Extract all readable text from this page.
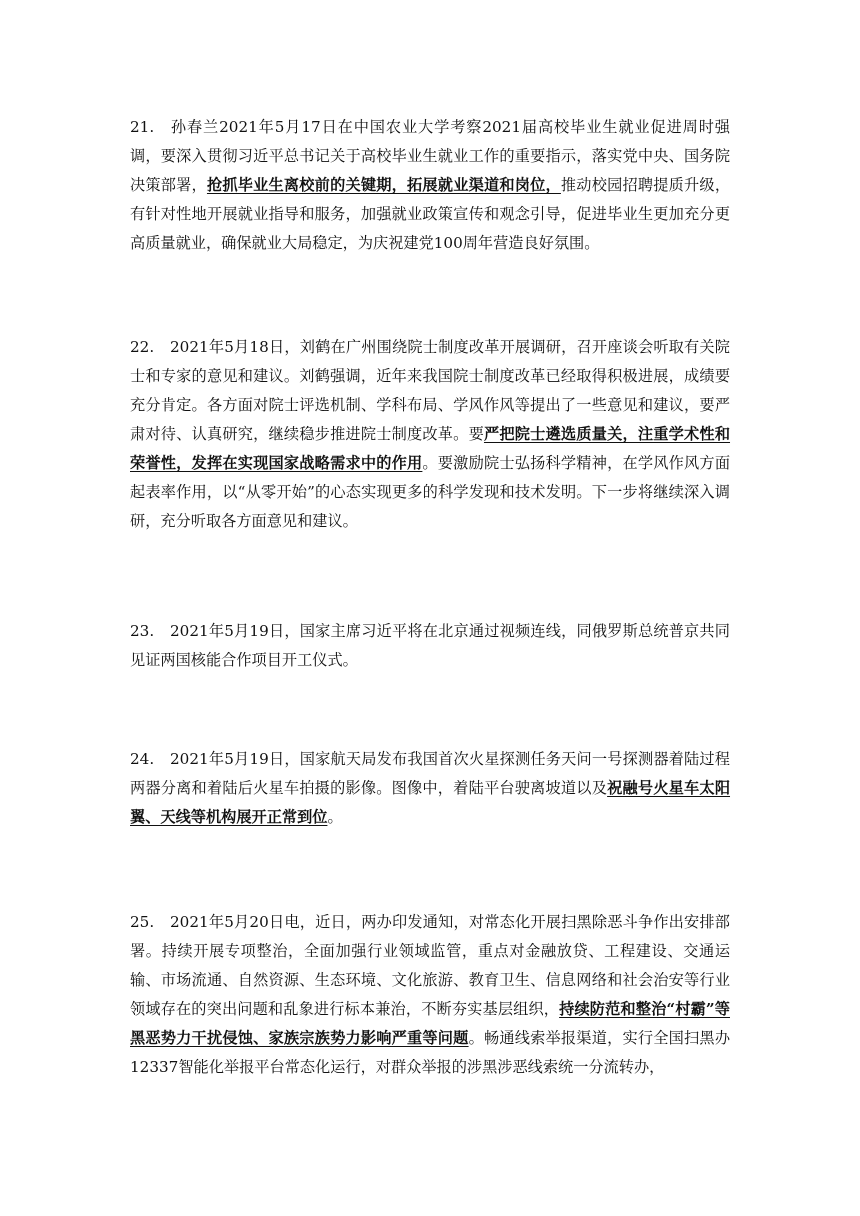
21. 孙春兰2021年5月17日在中国农业大学考察2021届高校毕业生就业促进周时强调，要深入贯彻习近平总书记关于高校毕业生就业工作的重要指示，落实党中央、国务院决策部署，抢抓毕业生离校前的关键期，拓展就业渠道和岗位，推动校园招聘提质升级，有针对性地开展就业指导和服务，加强就业政策宣传和观念引导，促进毕业生更加充分更高质量就业，确保就业大局稳定，为庆祝建党100周年营造良好氛围。
22. 2021年5月18日，刘鹤在广州围绕院士制度改革开展调研，召开座谈会听取有关院士和专家的意见和建议。刘鹤强调，近年来我国院士制度改革已经取得积极进展，成绩要充分肯定。各方面对院士评选机制、学科布局、学风作风等提出了一些意见和建议，要严肃对待、认真研究，继续稳步推进院士制度改革。要严把院士遴选质量关，注重学术性和荣誉性，发挥在实现国家战略需求中的作用。要激励院士弘扬科学精神，在学风作风方面起表率作用，以“从零开始”的心态实现更多的科学发现和技术发明。下一步将继续深入调研，充分听取各方面意见和建议。
23. 2021年5月19日，国家主席习近平将在北京通过视频连线，同俄罗斯总统普京共同见证两国核能合作项目开工仪式。
24. 2021年5月19日，国家航天局发布我国首次火星探测任务天问一号探测器着陆过程两器分离和着陆后火星车拍摄的影像。图像中，着陆平台驶离坡道以及祝融号火星车太阳翼、天线等机构展开正常到位。
25. 2021年5月20日电，近日，两办印发通知，对常态化开展扫黑除恶斗争作出安排部署。持续开展专项整治，全面加强行业领域监管，重点对金融放贷、工程建设、交通运输、市场流通、自然资源、生态环境、文化旅游、教育卫生、信息网络和社会治安等行业领域存在的突出问题和乱象进行标本兼治，不断夯实基层组织，持续防范和整治“村霸”等黑恶势力干扰侵蚀、家族宗族势力影响严重等问题。畅通线索举报渠道，实行全国扫黑办12337智能化举报平台常态化运行，对群众举报的涉黑涉恶线索统一分流转办，
